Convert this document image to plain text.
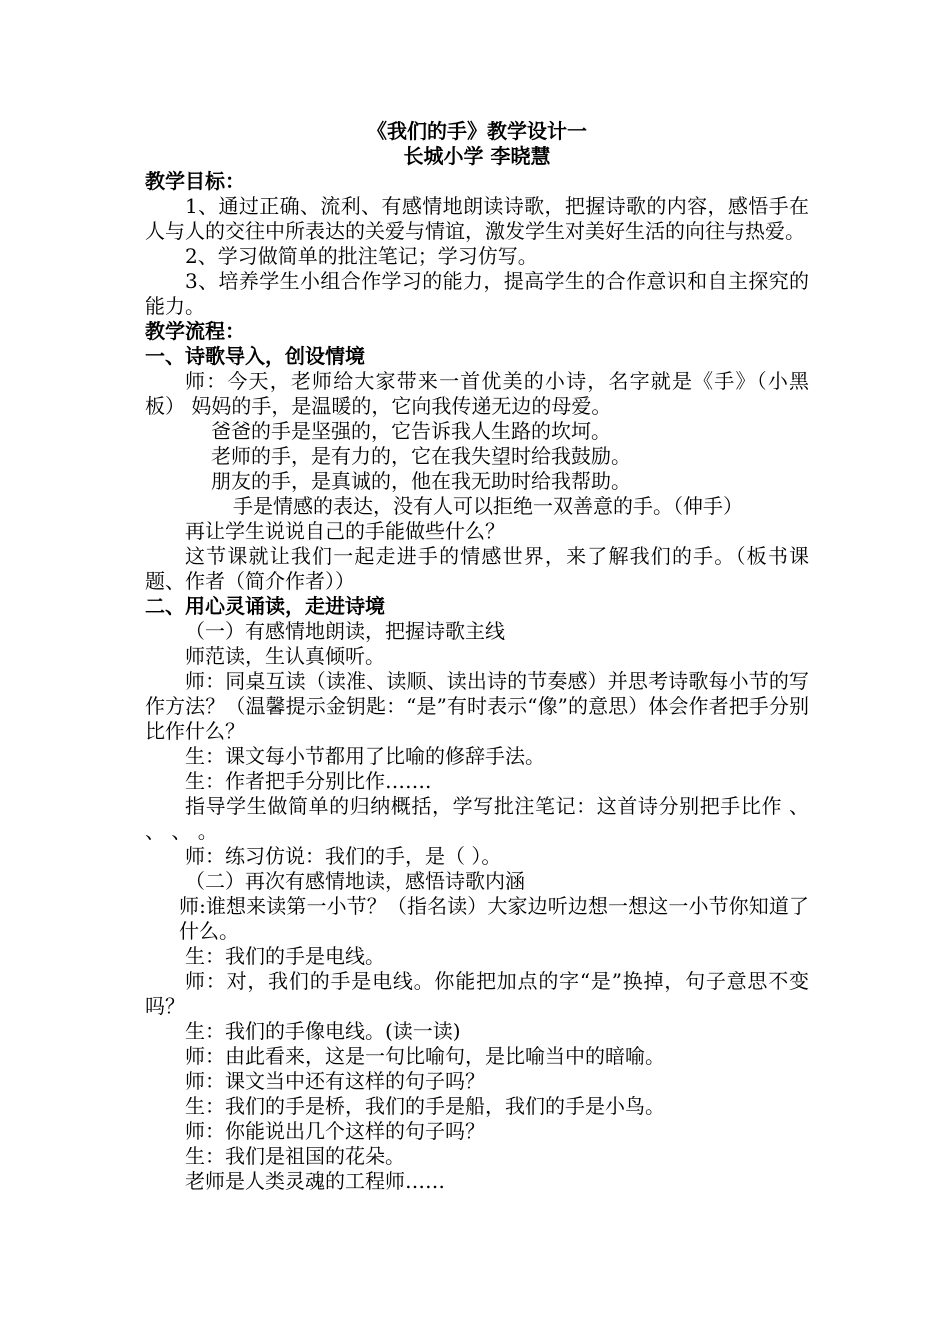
《我们的手》教学设计一
长城小学 李晓慧
教学目标：

1、通过正确、流利、有感情地朗读诗歌，把握诗歌的内容，感悟手在人与人的交往中所表达的关爱与情谊，激发学生对美好生活的向往与热爱。

2、学习做简单的批注笔记；学习仿写。

3、培养学生小组合作学习的能力，提高学生的合作意识和自主探究的能力。

教学流程：
一、诗歌导入，创设情境

师：今天，老师给大家带来一首优美的小诗，名字就是《手》（小黑板） 妈妈的手，是温暖的，它向我传递无边的母爱。

爸爸的手是坚强的，它告诉我人生路的坎坷。

老师的手，是有力的，它在我失望时给我鼓励。

朋友的手，是真诚的，他在我无助时给我帮助。

手是情感的表达，没有人可以拒绝一双善意的手。（伸手）

再让学生说说自己的手能做些什么？

这节课就让我们一起走进手的情感世界，来了解我们的手。（板书课题、作者（简介作者））

二、用心灵诵读，走进诗境

（一）有感情地朗读，把握诗歌主线

师范读，生认真倾听。

师：同桌互读（读准、读顺、读出诗的节奏感）并思考诗歌每小节的写作方法？（温馨提示金钥匙：“是”有时表示“像”的意思）体会作者把手分别比作什么？

生：课文每小节都用了比喻的修辞手法。

生：作者把手分别比作…….

指导学生做简单的归纳概括，学写批注笔记：这首诗分别把手比作 、 、 、 。

师：练习仿说：我们的手，是（ ）。

（二）再次有感情地读，感悟诗歌内涵

师:谁想来读第一小节？（指名读）大家边听边想一想这一小节你知道了什么。

生：我们的手是电线。

师：对，我们的手是电线。你能把加点的字“是”换掉，句子意思不变吗？

生：我们的手像电线。(读一读)

师：由此看来，这是一句比喻句，是比喻当中的暗喻。

师：课文当中还有这样的句子吗？

生：我们的手是桥，我们的手是船，我们的手是小鸟。

师：你能说出几个这样的句子吗？

生：我们是祖国的花朵。

老师是人类灵魂的工程师……
